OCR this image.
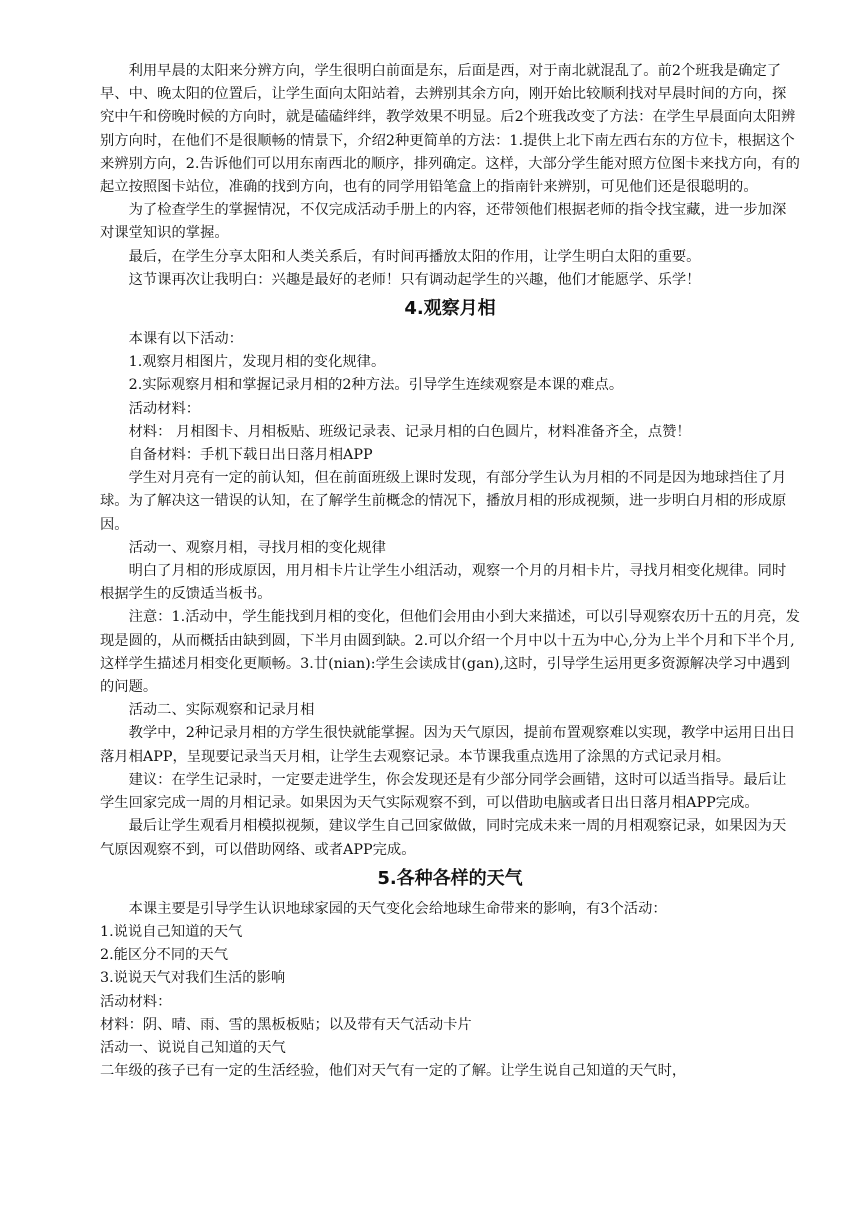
利用早晨的太阳来分辨方向，学生很明白前面是东，后面是西，对于南北就混乱了。前2个班我是确定了早、中、晚太阳的位置后，让学生面向太阳站着，去辨别其余方向，刚开始比较顺利找对早晨时间的方向，探究中午和傍晚时候的方向时，就是磕磕绊绊，教学效果不明显。后2个班我改变了方法：在学生早晨面向太阳辨别方向时，在他们不是很顺畅的情景下，介绍2种更简单的方法：1.提供上北下南左西右东的方位卡，根据这个来辨别方向，2.告诉他们可以用东南西北的顺序，排列确定。这样，大部分学生能对照方位图卡来找方向，有的起立按照图卡站位，准确的找到方向，也有的同学用铅笔盒上的指南针来辨别，可见他们还是很聪明的。

为了检查学生的掌握情况，不仅完成活动手册上的内容，还带领他们根据老师的指令找宝藏，进一步加深对课堂知识的掌握。

最后，在学生分享太阳和人类关系后，有时间再播放太阳的作用，让学生明白太阳的重要。

这节课再次让我明白：兴趣是最好的老师！只有调动起学生的兴趣，他们才能愿学、乐学！

4.观察月相

本课有以下活动：

1.观察月相图片，发现月相的变化规律。

2.实际观察月相和掌握记录月相的2种方法。引导学生连续观察是本课的难点。

活动材料：

材料： 月相图卡、月相板贴、班级记录表、记录月相的白色圆片，材料准备齐全，点赞！

自备材料：手机下载日出日落月相APP

学生对月亮有一定的前认知，但在前面班级上课时发现，有部分学生认为月相的不同是因为地球挡住了月球。为了解决这一错误的认知，在了解学生前概念的情况下，播放月相的形成视频，进一步明白月相的形成原因。

活动一、观察月相，寻找月相的变化规律

明白了月相的形成原因，用月相卡片让学生小组活动，观察一个月的月相卡片，寻找月相变化规律。同时根据学生的反馈适当板书。

注意：1.活动中，学生能找到月相的变化，但他们会用由小到大来描述，可以引导观察农历十五的月亮，发现是圆的，从而概括由缺到圆，下半月由圆到缺。2.可以介绍一个月中以十五为中心,分为上半个月和下半个月,这样学生描述月相变化更顺畅。3.廿(nian):学生会读成甘(gan),这时，引导学生运用更多资源解决学习中遇到的问题。

活动二、实际观察和记录月相

教学中，2种记录月相的方学生很快就能掌握。因为天气原因，提前布置观察难以实现，教学中运用日出日落月相APP，呈现要记录当天月相，让学生去观察记录。本节课我重点选用了涂黑的方式记录月相。

建议：在学生记录时，一定要走进学生，你会发现还是有少部分同学会画错，这时可以适当指导。最后让学生回家完成一周的月相记录。如果因为天气实际观察不到，可以借助电脑或者日出日落月相APP完成。

最后让学生观看月相模拟视频，建议学生自己回家做做，同时完成未来一周的月相观察记录，如果因为天气原因观察不到，可以借助网络、或者APP完成。

5.各种各样的天气

本课主要是引导学生认识地球家园的天气变化会给地球生命带来的影响，有3个活动：

1.说说自己知道的天气

2.能区分不同的天气

3.说说天气对我们生活的影响

活动材料：

材料：阴、晴、雨、雪的黑板板贴；以及带有天气活动卡片

活动一、说说自己知道的天气

二年级的孩子已有一定的生活经验，他们对天气有一定的了解。让学生说自己知道的天气时，
